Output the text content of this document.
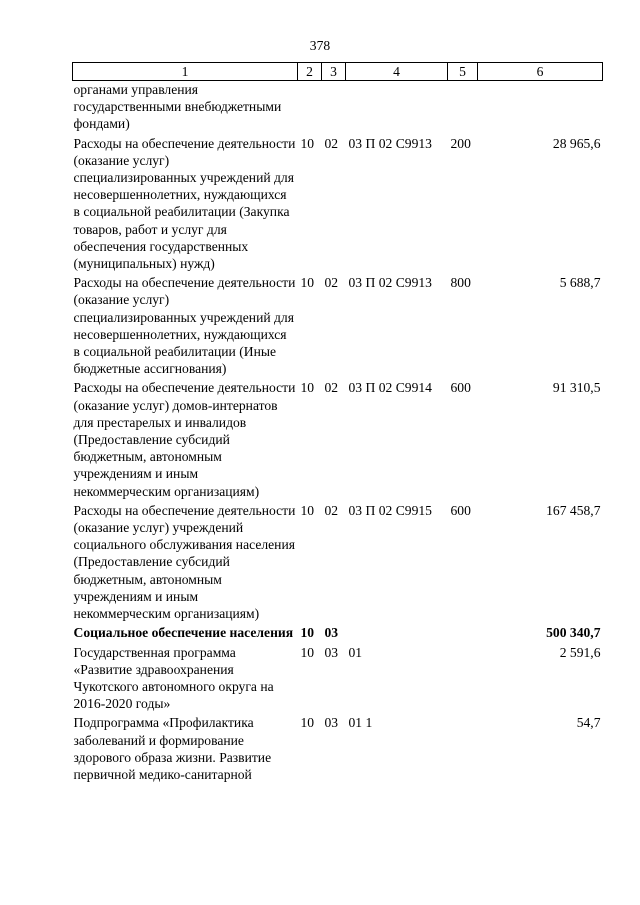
378
1	2	3	4	5	6
органами управления государственными внебюджетными фондами)					
Расходы на обеспечение деятельности (оказание услуг) специализированных учреждений для несовершеннолетних, нуждающихся в социальной реабилитации (Закупка товаров, работ и услуг для обеспечения государственных (муниципальных) нужд)	10	02	03 П 02 С9913	200	28 965,6
Расходы на обеспечение деятельности (оказание услуг) специализированных учреждений для несовершеннолетних, нуждающихся в социальной реабилитации (Иные бюджетные ассигнования)	10	02	03 П 02 С9913	800	5 688,7
Расходы на обеспечение деятельности (оказание услуг) домов-интернатов для престарелых и инвалидов (Предоставление субсидий бюджетным, автономным учреждениям и иным некоммерческим организациям)	10	02	03 П 02 С9914	600	91 310,5
Расходы на обеспечение деятельности (оказание услуг) учреждений социального обслуживания населения (Предоставление субсидий бюджетным, автономным учреждениям и иным некоммерческим организациям)	10	02	03 П 02 С9915	600	167 458,7
Социальное обеспечение населения	10	03			500 340,7
Государственная программа «Развитие здравоохранения Чукотского автономного округа на 2016-2020 годы»	10	03	01		2 591,6
Подпрограмма «Профилактика заболеваний и формирование здорового образа жизни. Развитие первичной медико-санитарной	10	03	01 1		54,7
